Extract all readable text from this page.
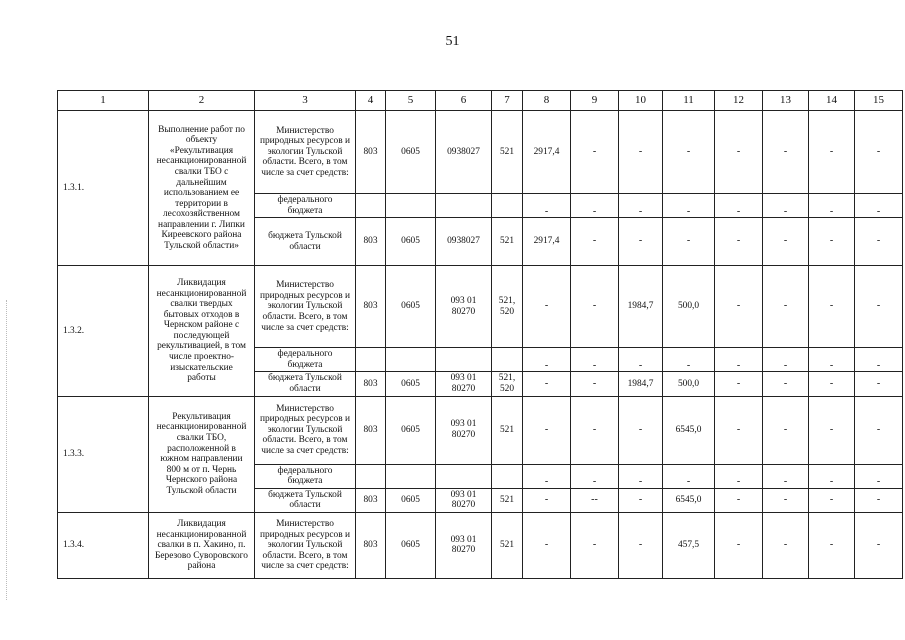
51
1	2	3	4	5	6	7	8	9	10	11	12	13	14	15
1.3.1.	Выполнение работ по объекту «Рекультивация несанкционированной свалки ТБО с дальнейшим использованием ее территории в лесохозяйственном направлении г. Липки Киреевского района Тульской области»	Министерство природных ресурсов и экологии Тульской области. Всего, в том числе за счет средств:	803	0605	0938027	521	2917,4	-	-	-	-	-	-	-
		федерального бюджета					-	-	-	-	-	-	-	-
		бюджета Тульской области	803	0605	0938027	521	2917,4	-	-	-	-	-	-	-
1.3.2.	Ликвидация несанкционированной свалки твердых бытовых отходов в Чернском районе с последующей рекультивацией, в том числе проектно-изыскательские работы	Министерство природных ресурсов и экологии Тульской области. Всего, в том числе за счет средств:	803	0605	093 01 80270	521, 520	-	-	1984,7	500,0	-	-	-	-
		федерального бюджета					-	-	-	-	-	-	-	-
		бюджета Тульской области	803	0605	093 01 80270	521, 520	-	-	1984,7	500,0	-	-	-	-
1.3.3.	Рекультивация несанкционированной свалки ТБО, расположенной в южном направлении 800 м от п. Чернь Чернского района Тульской области	Министерство природных ресурсов и экологии Тульской области. Всего, в том числе за счет средств:	803	0605	093 01 80270	521	-	-	-	6545,0	-	-	-	-
		федерального бюджета					-	-	-	-	-	-	-	-
		бюджета Тульской области	803	0605	093 01 80270	521	-	--	-	6545,0	-	-	-	-
1.3.4.	Ликвидация несанкционированной свалки в п. Хакино, п. Березово Суворовского района	Министерство природных ресурсов и экологии Тульской области. Всего, в том числе за счет средств:	803	0605	093 01 80270	521	-	-	-	457,5	-	-	-	-
